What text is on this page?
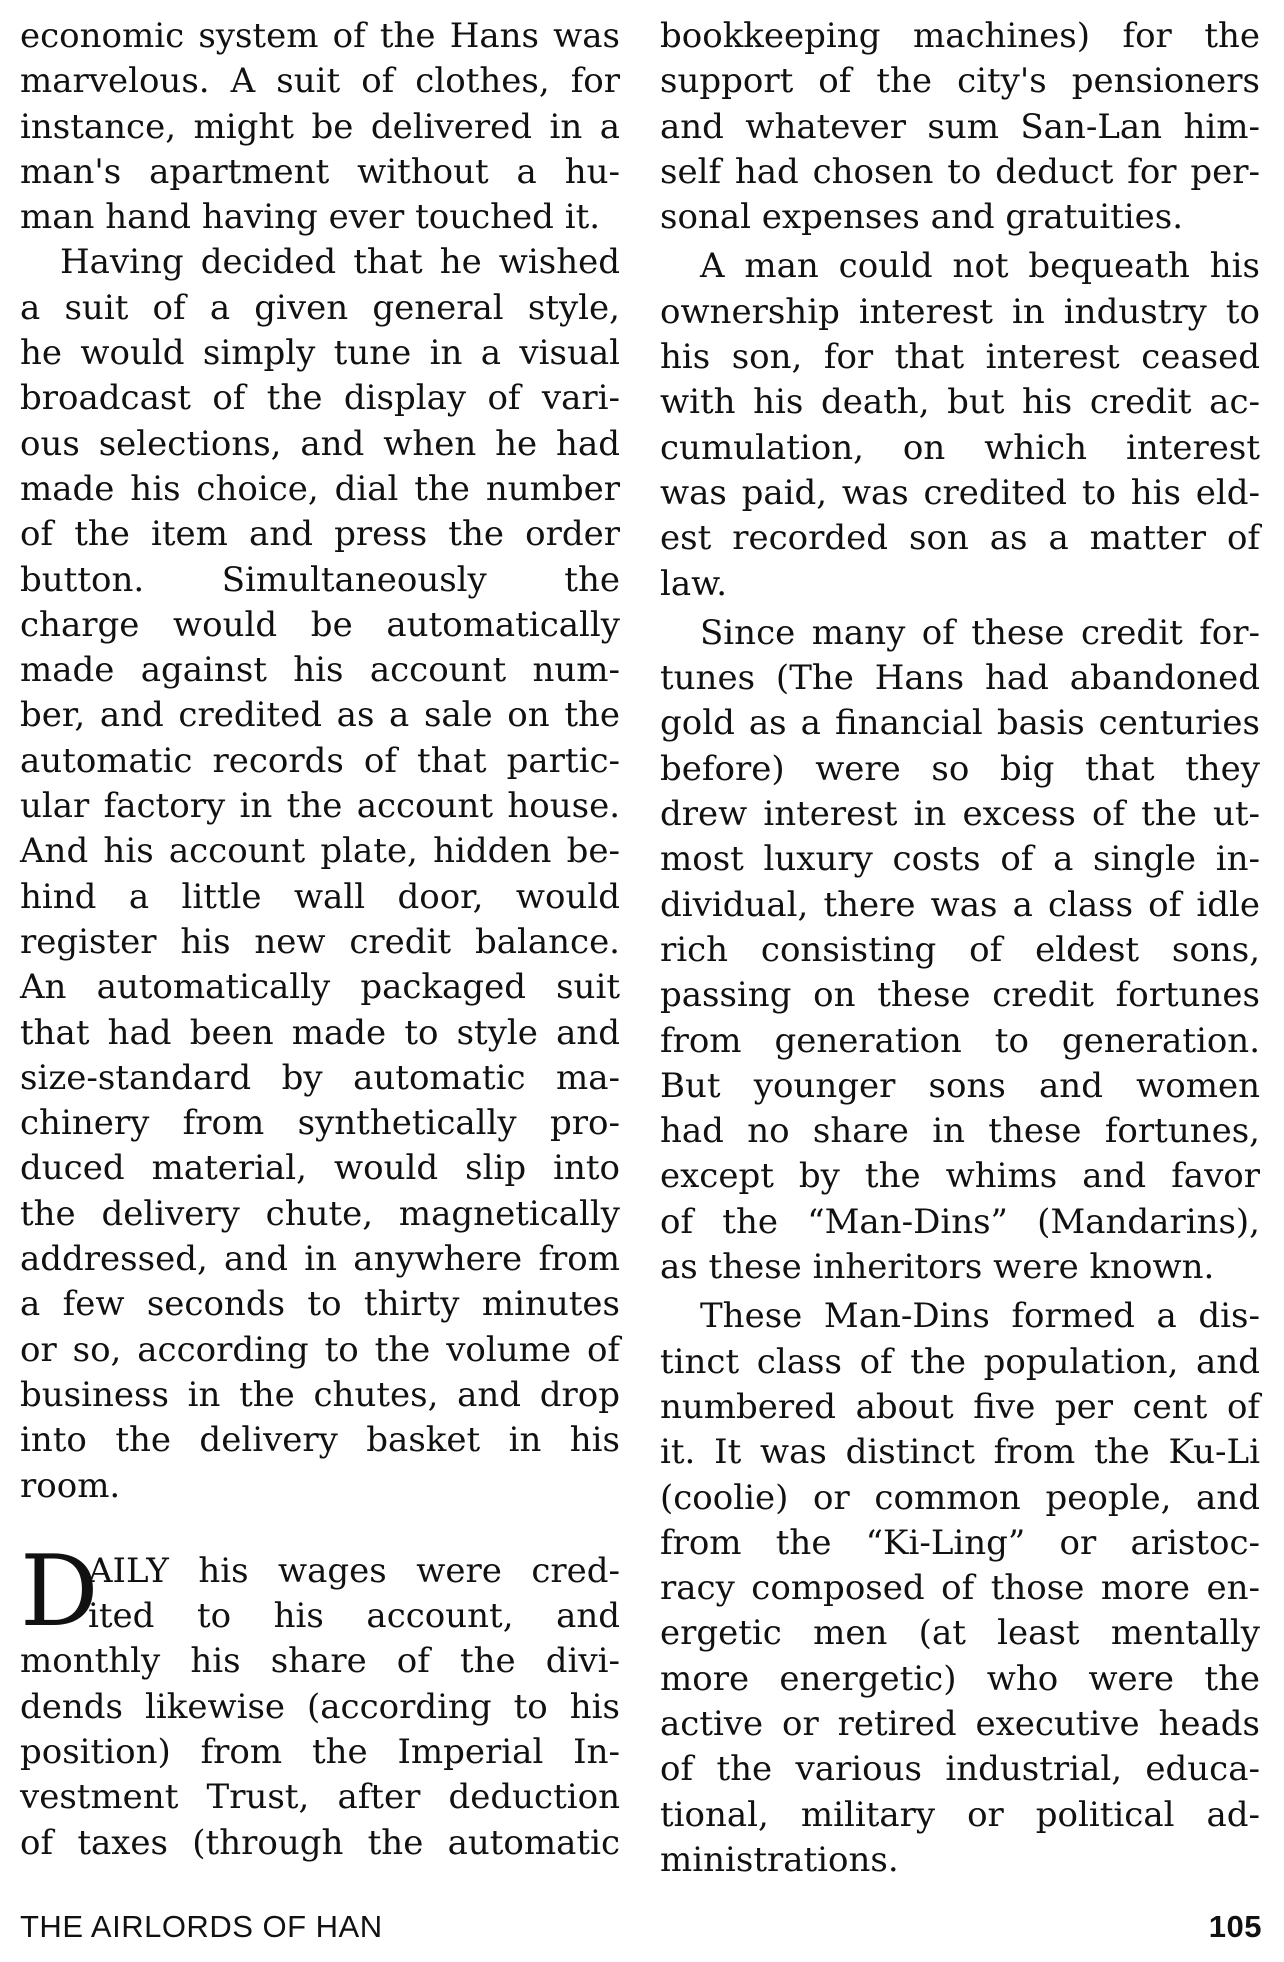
economic system of the Hans was
marvelous. A suit of clothes, for
instance, might be delivered in a
man's apartment without a hu-
man hand having ever touched it.
Having decided that he wished
a suit of a given general style,
he would simply tune in a visual
broadcast of the display of vari-
ous selections, and when he had
made his choice, dial the number
of the item and press the order
button. Simultaneously the
charge would be automatically
made against his account num-
ber, and credited as a sale on the
automatic records of that partic-
ular factory in the account house.
And his account plate, hidden be-
hind a little wall door, would
register his new credit balance.
An automatically packaged suit
that had been made to style and
size-standard by automatic ma-
chinery from synthetically pro-
duced material, would slip into
the delivery chute, magnetically
addressed, and in anywhere from
a few seconds to thirty minutes
or so, according to the volume of
business in the chutes, and drop
into the delivery basket in his
room.
D
AILY his wages were cred-
ited to his account, and
monthly his share of the divi-
dends likewise (according to his
position) from the Imperial In-
vestment Trust, after deduction
of taxes (through the automatic
bookkeeping machines) for the
support of the city's pensioners
and whatever sum San-Lan him-
self had chosen to deduct for per-
sonal expenses and gratuities.
A man could not bequeath his
ownership interest in industry to
his son, for that interest ceased
with his death, but his credit ac-
cumulation, on which interest
was paid, was credited to his eld-
est recorded son as a matter of
law.
Since many of these credit for-
tunes (The Hans had abandoned
gold as a financial basis centuries
before) were so big that they
drew interest in excess of the ut-
most luxury costs of a single in-
dividual, there was a class of idle
rich consisting of eldest sons,
passing on these credit fortunes
from generation to generation.
But younger sons and women
had no share in these fortunes,
except by the whims and favor
of the “Man-Dins” (Mandarins),
as these inheritors were known.
These Man-Dins formed a dis-
tinct class of the population, and
numbered about five per cent of
it. It was distinct from the Ku-Li
(coolie) or common people, and
from the “Ki-Ling” or aristoc-
racy composed of those more en-
ergetic men (at least mentally
more energetic) who were the
active or retired executive heads
of the various industrial, educa-
tional, military or political ad-
ministrations.
THE AIRLORDS OF HAN	105
